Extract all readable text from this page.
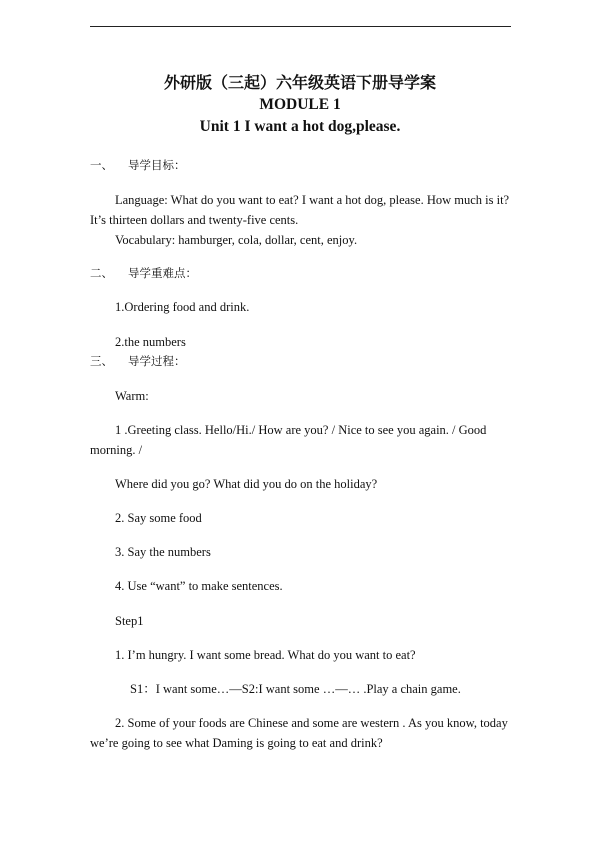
外研版（三起）六年级英语下册导学案
MODULE 1
Unit 1 I want a hot dog,please.
一、 导学目标：
Language: What do you want to eat? I want a hot dog, please. How much is it?
It’s thirteen dollars and twenty-five cents.
Vocabulary: hamburger, cola, dollar, cent, enjoy.
二、 导学重难点：
1.Ordering food and drink.
2.the numbers
三、 导学过程：
Warm:
1 .Greeting class. Hello/Hi./ How are you? / Nice to see you again. / Good
morning. /
Where did you go? What did you do on the holiday?
2. Say some food
3. Say the numbers
4. Use “want” to make sentences.
Step1
1. I’m hungry. I want some bread. What do you want to eat?
S1：I want some…—S2:I want some …—… .Play a chain game.
2. Some of your foods are Chinese and some are western . As you know, today
we’re going to see what Daming is going to eat and drink?
